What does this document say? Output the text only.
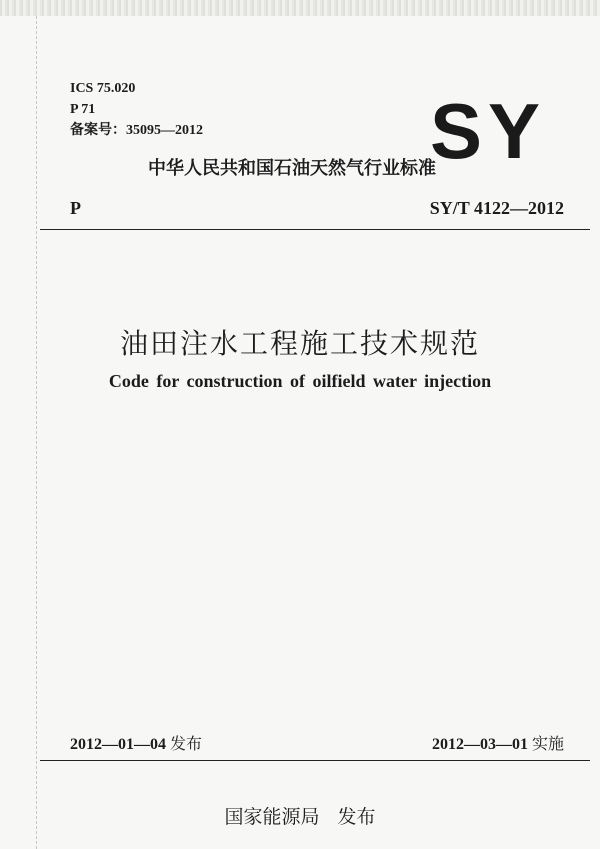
ICS 75.020
P 71
备案号：35095—2012	SY
中华人民共和国石油天然气行业标准
P	SY/T 4122—2012
油田注水工程施工技术规范
Code for construction of oilfield water injection
2012—01—04 发布	2012—03—01 实施
国家能源局 发布
